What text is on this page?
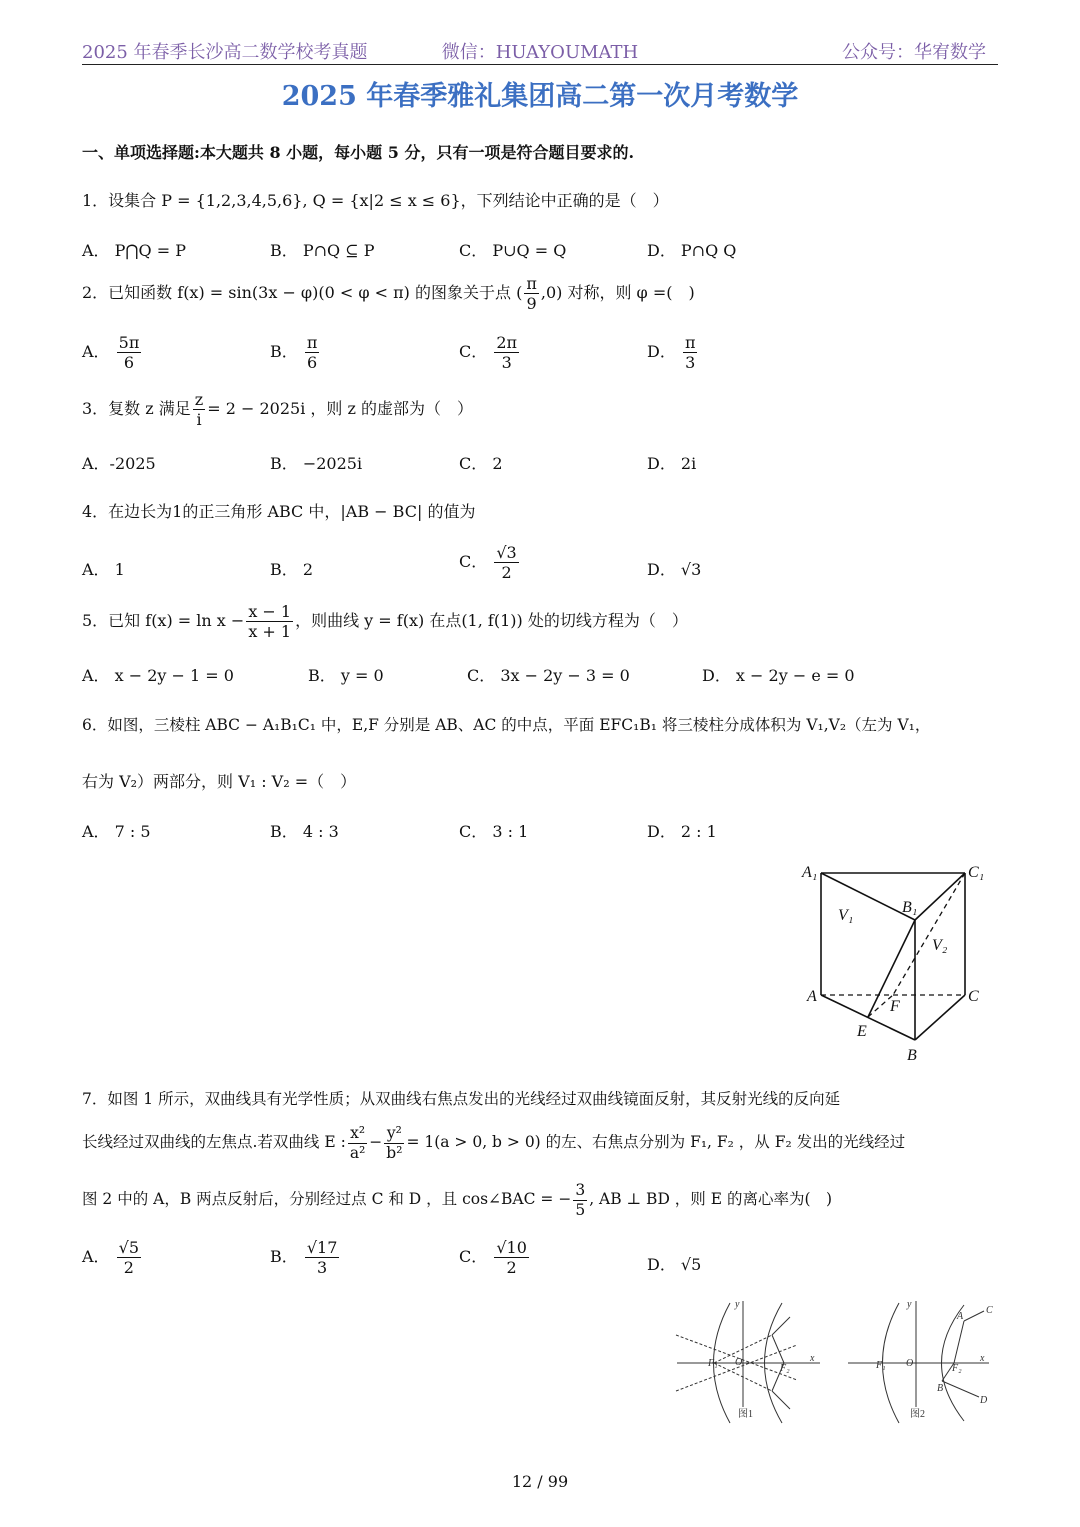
2025 年春季长沙高二数学校考真题	微信：HUAYOUMATH	公众号：华宥数学
2025 年春季雅礼集团高二第一次月考数学
一、单项选择题:本大题共 8 小题，每小题 5 分，只有一项是符合题目要求的.
1．设集合 P = {1,2,3,4,5,6}, Q = {x|2 ≤ x ≤ 6}，下列结论中正确的是（　）
A． P⋂Q = P	B． P∩Q ⊆ P	C． P∪Q = Q	D． P∩Q Q
2．已知函数 f(x) = sin(3x − φ)(0 < φ < π) 的图象关于点 ( $\frac{\pi}{9} ,0$) 对称，则 φ =(　)
A． $\frac{5\pi}{6}$	B． $\frac{\pi}{6}$	C． $\frac{2\pi}{3}$	D． $\frac{\pi}{3}$
3．复数 z 满足 $\frac{z}{i} = 2 - 2025i$ ，则 z 的虚部为（　）
A．-2025	B． −2025i	C． 2	D． 2i
4．在边长为1的正三角形 ABC 中，|AB − BC| 的值为
A． 1	B． 2	C． $\frac{√3}{2}$	D． √3
5．已知 $f(x) = \ln x - \frac{x - 1}{x + 1}$ ，则曲线 y = f(x) 在点(1, f(1)) 处的切线方程为（　）
A． x − 2y − 1 = 0	B． y = 0	C． 3x − 2y − 3 = 0	D． x − 2y − e = 0
6．如图，三棱柱 ABC − A₁B₁C₁ 中，E,F 分别是 AB、AC 的中点，平面 EFC₁B₁ 将三棱柱分成体积为 V₁,V₂（左为 V₁，
右为 V₂）两部分，则 V₁ : V₂ =（　）
A． 7 : 5	B． 4 : 3	C． 3 : 1	D． 2 : 1
A₁	C₁
B₁
V₁
V₂
A	C
F
E
B
7．如图 1 所示，双曲线具有光学性质；从双曲线右焦点发出的光线经过双曲线镜面反射，其反射光线的反向延
长线经过双曲线的左焦点.若双曲线 E : $\frac{\text{x²}}{\text{a²}} - \frac{\text{y²}}{\text{b²}} = 1(a > 0$, b > 0) 的左、右焦点分别为 F₁, F₂ ，从 F₂ 发出的光线经过
图 2 中的 A，B 两点反射后，分别经过点 C 和 D ，且 cos∠BAC = − $\frac{3}{5}$ , AB ⊥ BD ，则 E 的离心率为(　)
A． $\frac{√5}{2}$	B． $\frac{√17}{3}$	C． $\frac{√10}{2}$	D． √5
y
x
F₁ O
F₂
图1
y
x
F₁ O	F₂
A
B
C
D
图2
12 / 99
